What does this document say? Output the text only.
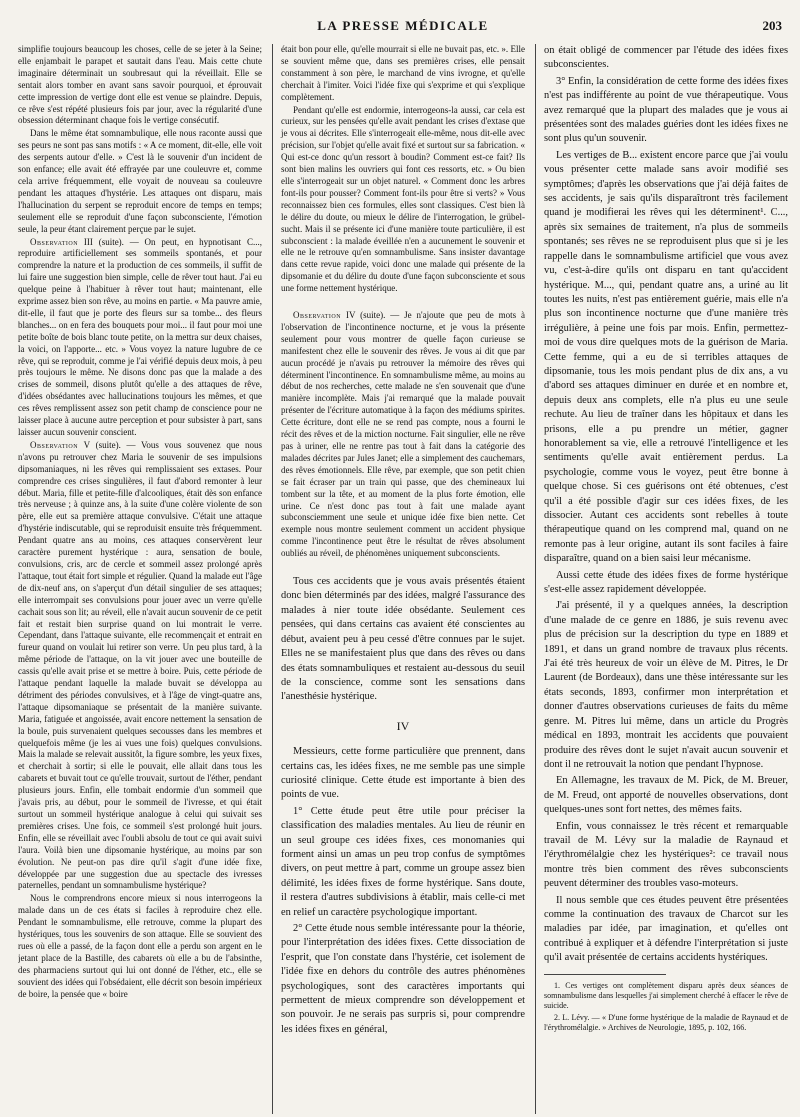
LA PRESSE MÉDICALE	203

simplifie toujours beaucoup les choses, celle de se jeter à la Seine; elle enjambait le parapet et sautait dans l'eau. Mais cette chute imaginaire déterminait un soubresaut qui la réveillait. Elle se sentait alors tomber en avant sans savoir pourquoi, et éprouvait cette impression de vertige dont elle est venue se plaindre. Depuis, ce rêve s'est répété plusieurs fois par jour, avec la régularité d'une obsession déterminant chaque fois le vertige consécutif.

Dans le même état somnambulique, elle nous raconte aussi que ses peurs ne sont pas sans motifs : « A ce moment, dit-elle, elle voit des serpents autour d'elle. » C'est là le souvenir d'un incident de son enfance; elle avait été effrayée par une couleuvre et, comme cela arrive fréquemment, elle voyait de nouveau sa couleuvre pendant les attaques d'hystérie. Les attaques ont disparu, mais l'hallucination du serpent se reproduit encore de temps en temps; seulement elle se reproduit d'une façon subconsciente, l'émotion seule, la peur étant clairement perçue par le sujet.

Observation III (suite). — On peut, en hypnotisant C..., reproduire artificiellement ses sommeils spontanés, et pour comprendre la nature et la production de ces sommeils, il suffit de lui faire une suggestion bien simple, celle de rêver tout haut. J'ai eu quelque peine à l'habituer à rêver tout haut; maintenant, elle exprime assez bien son rêve, au moins en partie. « Ma pauvre amie, dit-elle, il faut que je porte des fleurs sur sa tombe... des fleurs blanches... on en fera des bouquets pour moi... il faut pour moi une petite boîte de bois blanc toute petite, on la mettra sur deux chaises, la voici, on l'apporte... etc. » Vous voyez la nature lugubre de ce rêve, qui se reproduit, comme je l'ai vérifié depuis deux mois, à peu près toujours le même. Ne disons donc pas que la malade a des crises de sommeil, disons plutôt qu'elle a des attaques de rêve, d'idées obsédantes avec hallucinations toujours les mêmes, et que ces rêves remplissent assez son petit champ de conscience pour ne laisser place à aucune autre perception et pour subsister à part, sans laisser aucun souvenir conscient.

Observation V (suite). — Vous vous souvenez que nous n'avons pu retrouver chez Maria le souvenir de ses impulsions dipsomaniaques, ni les rêves qui remplissaient ses extases. Pour comprendre ces crises singulières, il faut d'abord remonter à leur début. Maria, fille et petite-fille d'alcooliques, était dès son enfance très nerveuse ; à quinze ans, à la suite d'une colère violente de son père, elle eut sa première attaque convulsive. C'était une attaque d'hystérie indiscutable, qui se reproduisit ensuite très fréquemment. Pendant quatre ans au moins, ces attaques conservèrent leur caractère purement hystérique : aura, sensation de boule, convulsions, cris, arc de cercle et sommeil assez prolongé après l'attaque, tout était fort simple et régulier. Quand la malade eut l'âge de dix-neuf ans, on s'aperçut d'un détail singulier de ses attaques; elle interrompait ses convulsions pour jouer avec un verre qu'elle cachait sous son lit; au réveil, elle n'avait aucun souvenir de ce petit fait et restait bien surprise quand on lui montrait le verre. Cependant, dans l'attaque suivante, elle recommençait et entrait en fureur quand on voulait lui retirer son verre. Un peu plus tard, à la même période de l'attaque, on la vit jouer avec une bouteille de cassis qu'elle avait prise et se mettre à boire. Puis, cette période de l'attaque pendant laquelle la malade buvait se développa au détriment des périodes convulsives, et à l'âge de vingt-quatre ans, l'attaque dipsomaniaque se présentait de la manière suivante. Maria, fatiguée et angoissée, avait encore nettement la sensation de la boule, puis survenaient quelques secousses dans les membres et quelquefois même (je les ai vues une fois) quelques convulsions. Mais la malade se relevait aussitôt, la figure sombre, les yeux fixes, et cherchait à sortir; si elle le pouvait, elle allait dans tous les cabarets et buvait tout ce qu'elle trouvait, surtout de l'éther, pendant plusieurs jours. Enfin, elle tombait endormie d'un sommeil que j'avais pris, au début, pour le sommeil de l'ivresse, et qui était surtout un sommeil hystérique analogue à celui qui suivait ses premières crises. Une fois, ce sommeil s'est prolongé huit jours. Enfin, elle se réveillait avec l'oubli absolu de tout ce qui avait suivi l'aura. Voilà bien une dipsomanie hystérique, au moins par son évolution. Ne peut-on pas dire qu'il s'agit d'une idée fixe, développée par une suggestion due au spectacle des ivresses paternelles, pendant un somnambulisme hystérique?

Nous le comprendrons encore mieux si nous interrogeons la malade dans un de ces états si faciles à reproduire chez elle. Pendant le somnambulisme, elle retrouve, comme la plupart des hystériques, tous les souvenirs de son attaque. Elle se souvient des rues où elle a passé, de la façon dont elle a perdu son argent en le jetant place de la Bastille, des cabarets où elle a bu de l'absinthe, des pharmaciens surtout qui lui ont donné de l'éther, etc., elle se souvient des idées qui l'obsédaient, elle décrit son besoin impérieux de boire, la pensée que « boire

était bon pour elle, qu'elle mourrait si elle ne buvait pas, etc. ». Elle se souvient même que, dans ses premières crises, elle pensait constamment à son père, le marchand de vins ivrogne, et qu'elle cherchait à l'imiter. Voici l'idée fixe qui s'exprime et qui s'explique complètement.

Pendant qu'elle est endormie, interrogeons-la aussi, car cela est curieux, sur les pensées qu'elle avait pendant les crises d'extase que je vous ai décrites. Elle s'interrogeait elle-même, nous dit-elle avec précision, sur l'objet qu'elle avait fixé et surtout sur sa fabrication. « Qui est-ce donc qu'un ressort à boudin? Comment est-ce fait? Ils sont bien malins les ouvriers qui font ces ressorts, etc. » Ou bien elle s'interrogeait sur un objet naturel. « Comment donc les arbres font-ils pour pousser? Comment font-ils pour être si verts? » Vous reconnaissez bien ces formules, elles sont classiques. C'est bien là le délire du doute, ou mieux le délire de l'interrogation, le grübel-sucht. Mais il se présente ici d'une manière toute particulière, il est subconscient : la malade éveillée n'en a aucunement le souvenir et elle ne le retrouve qu'en somnambulisme. Sans insister davantage dans cette revue rapide, voici donc une malade qui présente de la dipsomanie et du délire du doute d'une façon subconsciente et sous une forme nettement hystérique.

Observation IV (suite). — Je n'ajoute que peu de mots à l'observation de l'incontinence nocturne, et je vous la présente seulement pour vous montrer de quelle façon curieuse se manifestent chez elle le souvenir des rêves. Je vous ai dit que par aucun procédé je n'avais pu retrouver la mémoire des rêves qui déterminent l'incontinence. En somnambulisme même, au moins au début de nos recherches, cette malade ne s'en souvenait que d'une manière incomplète. Mais j'ai remarqué que la malade pouvait présenter de l'écriture automatique à la façon des médiums spirites. Cette écriture, dont elle ne se rend pas compte, nous a fourni le récit des rêves et de la miction nocturne. Fait singulier, elle ne rêve pas à uriner, elle ne rentre pas tout à fait dans la catégorie des malades décrites par Jules Janet; elle a simplement des cauchemars, des rêves émotionnels. Elle rêve, par exemple, que son petit chien se fait écraser par un train qui passe, que des chemineaux lui tombent sur la tête, et au moment de la plus forte émotion, elle urine. Ce n'est donc pas tout à fait une malade ayant subconsciemment une seule et unique idée fixe bien nette. Cet exemple nous montre seulement comment un accident physique comme l'incontinence peut être le résultat de rêves absolument oubliés au réveil, de phénomènes uniquement subconscients.

Tous ces accidents que je vous avais présentés étaient donc bien déterminés par des idées, malgré l'assurance des malades à nier toute idée obsédante. Seulement ces pensées, qui dans certains cas avaient été conscientes au début, avaient peu à peu cessé d'être connues par le sujet. Elles ne se manifestaient plus que dans des rêves ou dans des états somnambuliques et restaient au-dessous du seuil de la conscience, comme sont les sensations dans l'anesthésie hystérique.

IV

Messieurs, cette forme particulière que prennent, dans certains cas, les idées fixes, ne me semble pas une simple curiosité clinique. Cette étude est importante à bien des points de vue.

1° Cette étude peut être utile pour préciser la classification des maladies mentales. Au lieu de réunir en un seul groupe ces idées fixes, ces monomanies qui forment ainsi un amas un peu trop confus de symptômes divers, on peut mettre à part, comme un groupe assez bien délimité, les idées fixes de forme hystérique. Sans doute, il restera d'autres subdivisions à établir, mais celle-ci met en relief un caractère psychologique important.

2° Cette étude nous semble intéressante pour la théorie, pour l'interprétation des idées fixes. Cette dissociation de l'esprit, que l'on constate dans l'hystérie, cet isolement de l'idée fixe en dehors du contrôle des autres phénomènes psychologiques, sont des caractères importants qui permettent de mieux comprendre son développement et son pouvoir. Je ne serais pas surpris si, pour comprendre les idées fixes en général,

on était obligé de commencer par l'étude des idées fixes subconscientes.

3° Enfin, la considération de cette forme des idées fixes n'est pas indifférente au point de vue thérapeutique. Vous avez remarqué que la plupart des malades que je vous ai présentées sont des malades guéries dont les idées fixes ne sont plus qu'un souvenir.

Les vertiges de B... existent encore parce que j'ai voulu vous présenter cette malade sans avoir modifié ses symptômes; d'après les observations que j'ai déjà faites de ses accidents, je sais qu'ils disparaîtront très facilement quand je modifierai les rêves qui les déterminent¹. C..., après six semaines de traitement, n'a plus de sommeils spontanés; ses rêves ne se reproduisent plus que si je les rappelle dans le somnambulisme artificiel que vous avez vu, c'est-à-dire qu'ils ont disparu en tant qu'accident hystérique. M..., qui, pendant quatre ans, a uriné au lit toutes les nuits, n'est pas entièrement guérie, mais elle n'a plus son incontinence nocturne que d'une manière très irrégulière, à peine une fois par mois. Enfin, permettez-moi de vous dire quelques mots de la guérison de Maria. Cette femme, qui a eu de si terribles attaques de dipsomanie, tous les mois pendant plus de dix ans, a vu d'abord ses attaques diminuer en durée et en nombre et, depuis deux ans complets, elle n'a plus eu une seule rechute. Au lieu de traîner dans les hôpitaux et dans les prisons, elle a pu prendre un métier, gagner honorablement sa vie, elle a retrouvé l'intelligence et les sentiments qu'elle avait entièrement perdus. La psychologie, comme vous le voyez, peut être bonne à quelque chose. Si ces guérisons ont été obtenues, c'est qu'il a été possible d'agir sur ces idées fixes, de les dissocier. Autant ces accidents sont rebelles à toute thérapeutique quand on les comprend mal, quand on ne remonte pas à leur origine, autant ils sont faciles à faire disparaître, quand on a bien saisi leur mécanisme.

Aussi cette étude des idées fixes de forme hystérique s'est-elle assez rapidement développée.

J'ai présenté, il y a quelques années, la description d'une malade de ce genre en 1886, je suis revenu avec plus de précision sur la description du type en 1889 et 1891, et dans un grand nombre de travaux plus récents. J'ai été très heureux de voir un élève de M. Pitres, le Dr Laurent (de Bordeaux), dans une thèse intéressante sur les états seconds, 1893, confirmer mon interprétation et donner d'autres observations curieuses de faits du même genre. M. Pitres lui même, dans un article du Progrès médical en 1893, montrait les accidents que pouvaient produire des rêves dont le sujet n'avait aucun souvenir et dont il ne retrouvait la notion que pendant l'hypnose.

En Allemagne, les travaux de M. Pick, de M. Breuer, de M. Freud, ont apporté de nouvelles observations, dont quelques-unes sont fort nettes, des mêmes faits.

Enfin, vous connaissez le très récent et remarquable travail de M. Lévy sur la maladie de Raynaud et l'érythromélalgie chez les hystériques²: ce travail nous montre très bien comment des rêves subconscients peuvent déterminer des troubles vaso-moteurs.

Il nous semble que ces études peuvent être présentées comme la continuation des travaux de Charcot sur les maladies par idée, par imagination, et qu'elles ont contribué à expliquer et à défendre l'interprétation si juste qu'il avait présentée de certains accidents hystériques.

1. Ces vertiges ont complètement disparu après deux séances de somnambulisme dans lesquelles j'ai simplement cherché à effacer le rêve de suicide.

2. L. Lévy. — « D'une forme hystérique de la maladie de Raynaud et de l'érythromélalgie. » Archives de Neurologie, 1895, p. 102, 166.
